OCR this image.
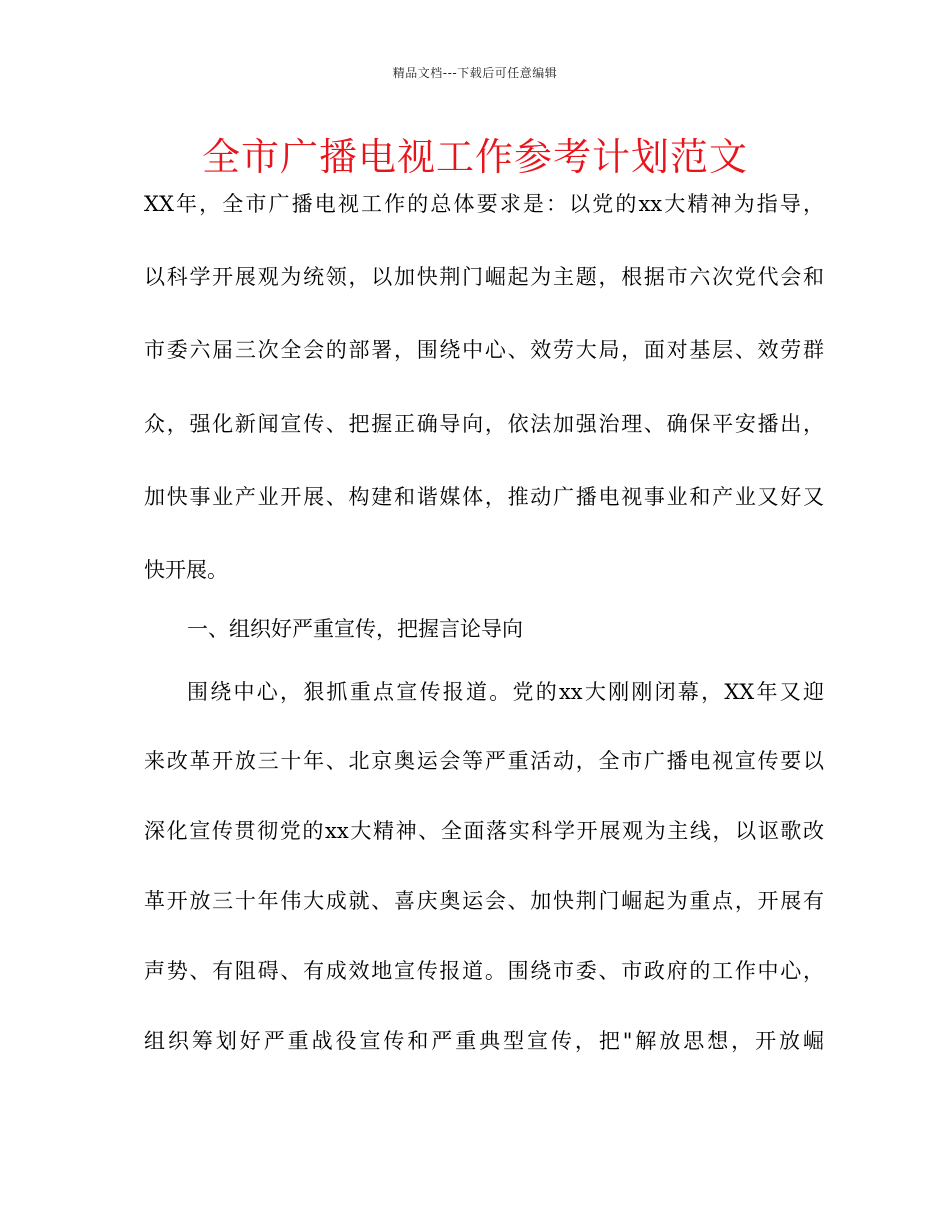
精品文档---下载后可任意编辑
全市广播电视工作参考计划范文
XX年，全市广播电视工作的总体要求是：以党的xx大精神为指导，
以科学开展观为统领，以加快荆门崛起为主题，根据市六次党代会和
市委六届三次全会的部署，围绕中心、效劳大局，面对基层、效劳群
众，强化新闻宣传、把握正确导向，依法加强治理、确保平安播出，
加快事业产业开展、构建和谐媒体，推动广播电视事业和产业又好又
快开展。
一、组织好严重宣传，把握言论导向
围绕中心，狠抓重点宣传报道。党的xx大刚刚闭幕，XX年又迎
来改革开放三十年、北京奥运会等严重活动，全市广播电视宣传要以
深化宣传贯彻党的xx大精神、全面落实科学开展观为主线，以讴歌改
革开放三十年伟大成就、喜庆奥运会、加快荆门崛起为重点，开展有
声势、有阻碍、有成效地宣传报道。围绕市委、市政府的工作中心，
组织筹划好严重战役宣传和严重典型宣传，把"解放思想，开放崛
